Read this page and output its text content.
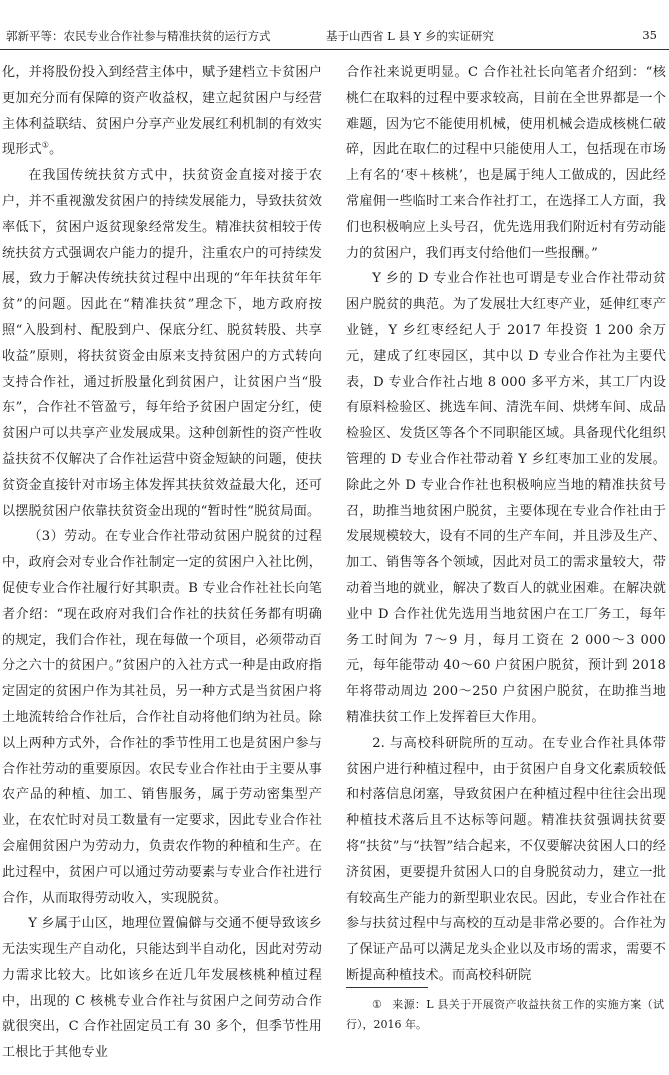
郭新平等：农民专业合作社参与精准扶贫的运行方式	基于山西省 L 县 Y 乡的实证研究	35

化，并将股份投入到经营主体中，赋予建档立卡贫困户更加充分而有保障的资产收益权，建立起贫困户与经营主体利益联结、贫困户分享产业发展红利机制的有效实现形式①。

在我国传统扶贫方式中，扶贫资金直接对接于农户，并不重视激发贫困户的持续发展能力，导致扶贫效率低下，贫困户返贫现象经常发生。精准扶贫相较于传统扶贫方式强调农户能力的提升，注重农户的可持续发展，致力于解决传统扶贫过程中出现的“年年扶贫年年贫”的问题。因此在“精准扶贫”理念下，地方政府按照“入股到村、配股到户、保底分红、脱贫转股、共享收益”原则，将扶贫资金由原来支持贫困户的方式转向支持合作社，通过折股量化到贫困户，让贫困户当“股东”，合作社不管盈亏，每年给予贫困户固定分红，使贫困户可以共享产业发展成果。这种创新性的资产性收益扶贫不仅解决了合作社运营中资金短缺的问题，使扶贫资金直接针对市场主体发挥其扶贫效益最大化，还可以摆脱贫困户依靠扶贫资金出现的“暂时性”脱贫局面。

（3）劳动。在专业合作社带动贫困户脱贫的过程中，政府会对专业合作社制定一定的贫困户入社比例，促使专业合作社履行好其职责。B 专业合作社社长向笔者介绍：“现在政府对我们合作社的扶贫任务都有明确的规定，我们合作社，现在每做一个项目，必须带动百分之六十的贫困户。”贫困户的入社方式一种是由政府指定固定的贫困户作为其社员，另一种方式是当贫困户将土地流转给合作社后，合作社自动将他们纳为社员。除以上两种方式外，合作社的季节性用工也是贫困户参与合作社劳动的重要原因。农民专业合作社由于主要从事农产品的种植、加工、销售服务，属于劳动密集型产业，在农忙时对员工数量有一定要求，因此专业合作社会雇佣贫困户为劳动力，负责农作物的种植和生产。在此过程中，贫困户可以通过劳动要素与专业合作社进行合作，从而取得劳动收入，实现脱贫。

Y 乡属于山区，地理位置偏僻与交通不便导致该乡无法实现生产自动化，只能达到半自动化，因此对劳动力需求比较大。比如该乡在近几年发展核桃种植过程中，出现的 C 核桃专业合作社与贫困户之间劳动合作就很突出，C 合作社固定员工有 30 多个，但季节性用工根比于其他专业

合作社来说更明显。C 合作社社长向笔者介绍到：“核桃仁在取料的过程中要求较高，目前在全世界都是一个难题，因为它不能使用机械，使用机械会造成核桃仁破碎，因此在取仁的过程中只能使用人工，包括现在市场上有名的‘枣＋核桃’，也是属于纯人工做成的，因此经常雇佣一些临时工来合作社打工，在选择工人方面，我们也积极响应上头号召，优先选用我们附近村有劳动能力的贫困户，我们再支付给他们一些报酬。”

Y 乡的 D 专业合作社也可谓是专业合作社带动贫困户脱贫的典范。为了发展壮大红枣产业，延伸红枣产业链，Y 乡红枣经纪人于 2017 年投资 1 200 余万元，建成了红枣园区，其中以 D 专业合作社为主要代表，D 专业合作社占地 8 000 多平方米，其工厂内设有原料检验区、挑选车间、清洗车间、烘烤车间、成品检验区、发货区等各个不同职能区域。具备现代化组织管理的 D 专业合作社带动着 Y 乡红枣加工业的发展。除此之外 D 专业合作社也积极响应当地的精准扶贫号召，助推当地贫困户脱贫，主要体现在专业合作社由于发展规模较大，设有不同的生产车间，并且涉及生产、加工、销售等各个领域，因此对员工的需求量较大，带动着当地的就业，解决了数百人的就业困难。在解决就业中 D 合作社优先选用当地贫困户在工厂务工，每年务工时间为 7～9 月，每月工资在 2 000～3 000 元，每年能带动 40～60 户贫困户脱贫，预计到 2018 年将带动周边 200～250 户贫困户脱贫，在助推当地精准扶贫工作上发挥着巨大作用。

2. 与高校科研院所的互动。在专业合作社具体带贫困户进行种植过程中，由于贫困户自身文化素质较低和村落信息闭塞，导致贫困户在种植过程中往往会出现种植技术落后且不达标等问题。精准扶贫强调扶贫要将“扶贫”与“扶智”结合起来，不仅要解决贫困人口的经济贫困，更要提升贫困人口的自身脱贫动力，建立一批有较高生产能力的新型职业农民。因此，专业合作社在参与扶贫过程中与高校的互动是非常必要的。合作社为了保证产品可以满足龙头企业以及市场的需求，需要不断提高种植技术。而高校科研院

① 来源：L 县关于开展资产收益扶贫工作的实施方案（试行），2016 年。
